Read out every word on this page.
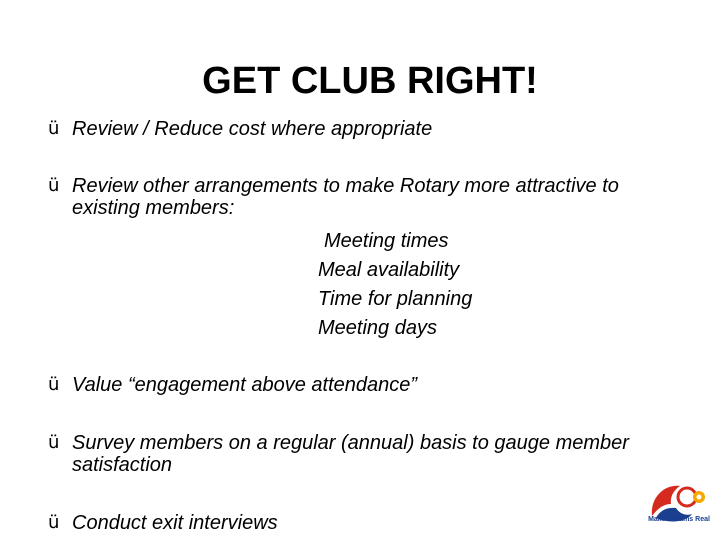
GET CLUB RIGHT!
ü Review / Reduce cost where appropriate
ü Review other arrangements to make Rotary more attractive to existing members:
Meeting times
Meal availability
Time for planning
Meeting days
ü Value “engagement above attendance”
ü Survey members on a regular (annual) basis to gauge member satisfaction
ü Conduct exit interviews	Make Dreams Real
